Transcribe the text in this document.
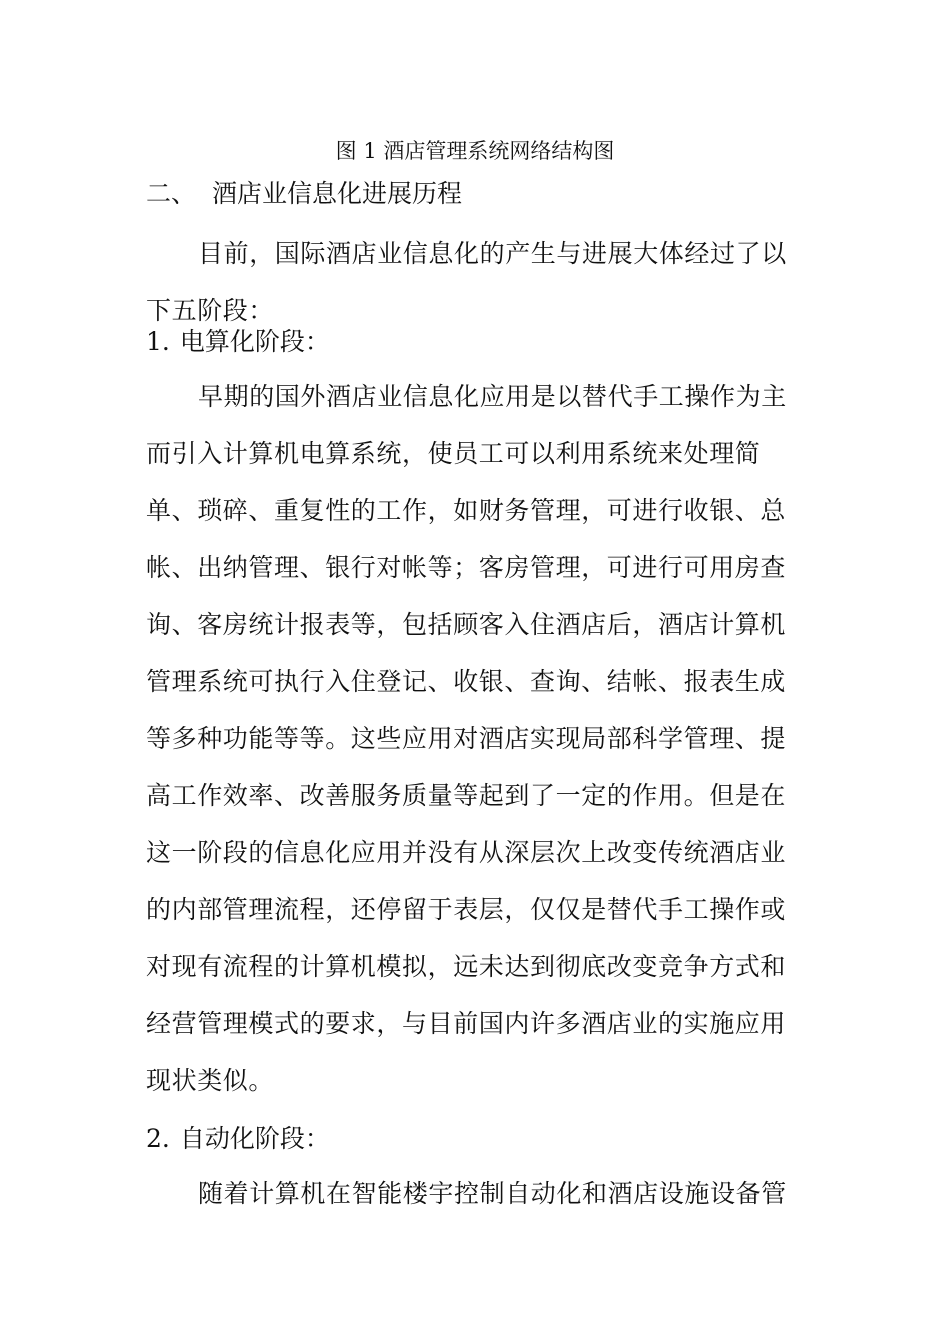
图 1 酒店管理系统网络结构图
二、 酒店业信息化进展历程
目前，国际酒店业信息化的产生与进展大体经过了以下五阶段：
1. 电算化阶段：
早期的国外酒店业信息化应用是以替代手工操作为主而引入计算机电算系统，使员工可以利用系统来处理简单、琐碎、重复性的工作，如财务管理，可进行收银、总帐、出纳管理、银行对帐等；客房管理，可进行可用房查询、客房统计报表等，包括顾客入住酒店后，酒店计算机管理系统可执行入住登记、收银、查询、结帐、报表生成等多种功能等等。这些应用对酒店实现局部科学管理、提高工作效率、改善服务质量等起到了一定的作用。但是在这一阶段的信息化应用并没有从深层次上改变传统酒店业的内部管理流程，还停留于表层，仅仅是替代手工操作或对现有流程的计算机模拟，远未达到彻底改变竞争方式和经营管理模式的要求，与目前国内许多酒店业的实施应用现状类似。
2. 自动化阶段：
随着计算机在智能楼宇控制自动化和酒店设施设备管
